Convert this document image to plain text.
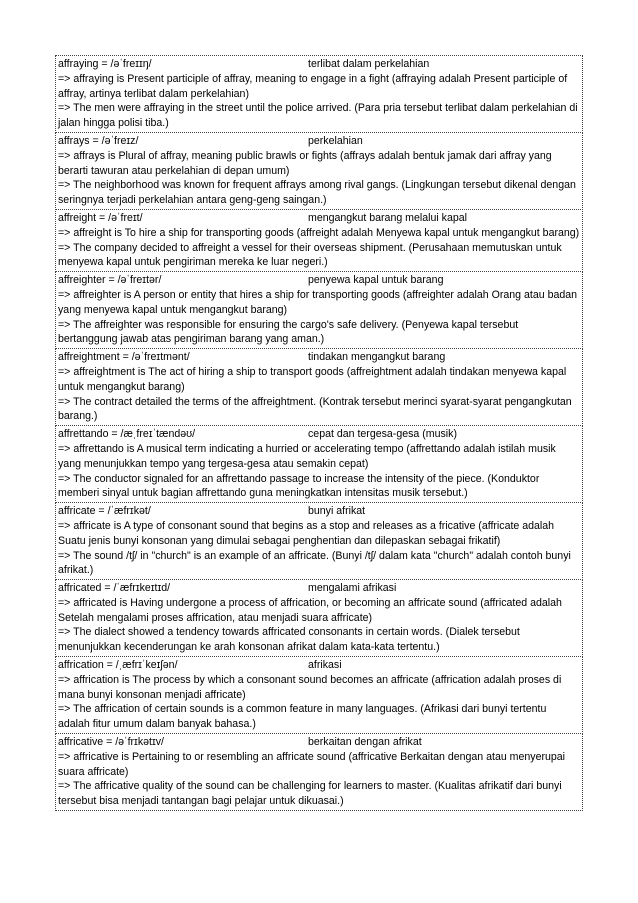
affraying = /əˈfreɪɪŋ/	terlibat dalam perkelahian
=> affraying is Present participle of affray, meaning to engage in a fight (affraying adalah Present participle of affray, artinya terlibat dalam perkelahian)
=> The men were affraying in the street until the police arrived. (Para pria tersebut terlibat dalam perkelahian di jalan hingga polisi tiba.)
affrays = /əˈfreɪz/	perkelahian
=> affrays is Plural of affray, meaning public brawls or fights (affrays adalah bentuk jamak dari affray yang berarti tawuran atau perkelahian di depan umum)
=> The neighborhood was known for frequent affrays among rival gangs. (Lingkungan tersebut dikenal dengan seringnya terjadi perkelahian antara geng-geng saingan.)
affreight = /əˈfreɪt/	mengangkut barang melalui kapal
=> affreight is To hire a ship for transporting goods (affreight adalah Menyewa kapal untuk mengangkut barang)
=> The company decided to affreight a vessel for their overseas shipment. (Perusahaan memutuskan untuk menyewa kapal untuk pengiriman mereka ke luar negeri.)
affreighter = /əˈfreɪtər/	penyewa kapal untuk barang
=> affreighter is A person or entity that hires a ship for transporting goods (affreighter adalah Orang atau badan yang menyewa kapal untuk mengangkut barang)
=> The affreighter was responsible for ensuring the cargo's safe delivery. (Penyewa kapal tersebut bertanggung jawab atas pengiriman barang yang aman.)
affreightment = /əˈfreɪtmənt/	tindakan mengangkut barang
=> affreightment is The act of hiring a ship to transport goods (affreightment adalah tindakan menyewa kapal untuk mengangkut barang)
=> The contract detailed the terms of the affreightment. (Kontrak tersebut merinci syarat-syarat pengangkutan barang.)
affrettando = /æˌfreɪˈtændəʊ/	cepat dan tergesa-gesa (musik)
=> affrettando is A musical term indicating a hurried or accelerating tempo (affrettando adalah istilah musik yang menunjukkan tempo yang tergesa-gesa atau semakin cepat)
=> The conductor signaled for an affrettando passage to increase the intensity of the piece. (Konduktor memberi sinyal untuk bagian affrettando guna meningkatkan intensitas musik tersebut.)
affricate = /ˈæfrɪkət/	bunyi afrikat
=> affricate is A type of consonant sound that begins as a stop and releases as a fricative (affricate adalah Suatu jenis bunyi konsonan yang dimulai sebagai penghentian dan dilepaskan sebagai frikatif)
=> The sound /tʃ/ in "church" is an example of an affricate. (Bunyi /tʃ/ dalam kata "church" adalah contoh bunyi afrikat.)
affricated = /ˈæfrɪkeɪtɪd/	mengalami afrikasi
=> affricated is Having undergone a process of affrication, or becoming an affricate sound (affricated adalah Setelah mengalami proses affrication, atau menjadi suara affricate)
=> The dialect showed a tendency towards affricated consonants in certain words. (Dialek tersebut menunjukkan kecenderungan ke arah konsonan afrikat dalam kata-kata tertentu.)
affrication = /ˌæfrɪˈkeɪʃən/	afrikasi
=> affrication is The process by which a consonant sound becomes an affricate (affrication adalah proses di mana bunyi konsonan menjadi affricate)
=> The affrication of certain sounds is a common feature in many languages. (Afrikasi dari bunyi tertentu adalah fitur umum dalam banyak bahasa.)
affricative = /əˈfrɪkətɪv/	berkaitan dengan afrikat
=> affricative is Pertaining to or resembling an affricate sound (affricative Berkaitan dengan atau menyerupai suara affricate)
=> The affricative quality of the sound can be challenging for learners to master. (Kualitas afrikatif dari bunyi tersebut bisa menjadi tantangan bagi pelajar untuk dikuasai.)
